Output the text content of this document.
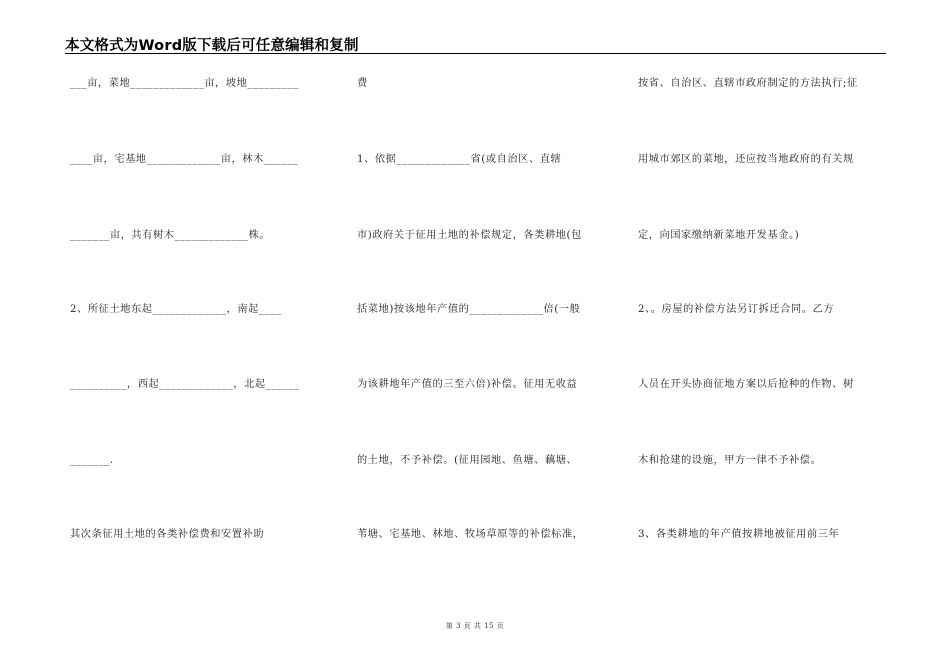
本文格式为Word版下载后可任意编辑和复制
___亩，菜地_____________亩，坡地_________
____亩，宅基地_____________亩，林木______
_______亩，共有树木_____________株。
2、所征土地东起_____________，南起____
__________，西起_____________，北起______
_______.
其次条征用土地的各类补偿费和安置补助
费
1、依据_____________省(或自治区、直辖
市)政府关于征用土地的补偿规定，各类耕地(包
括菜地)按该地年产值的_____________倍(一般
为该耕地年产值的三至六倍)补偿。征用无收益
的土地，不予补偿。(征用园地、鱼塘、藕塘、
苇塘、宅基地、林地、牧场草原等的补偿标准，
按省、自治区、直辖市政府制定的方法执行;征
用城市郊区的菜地，还应按当地政府的有关规
定，向国家缴纳新菜地开发基金。)
2、。房屋的补偿方法另订拆迁合同。乙方
人员在开头协商征地方案以后抢种的作物、树
木和抢建的设施，甲方一律不予补偿。
3、各类耕地的年产值按耕地被征用前三年
第 3 页 共 15 页
